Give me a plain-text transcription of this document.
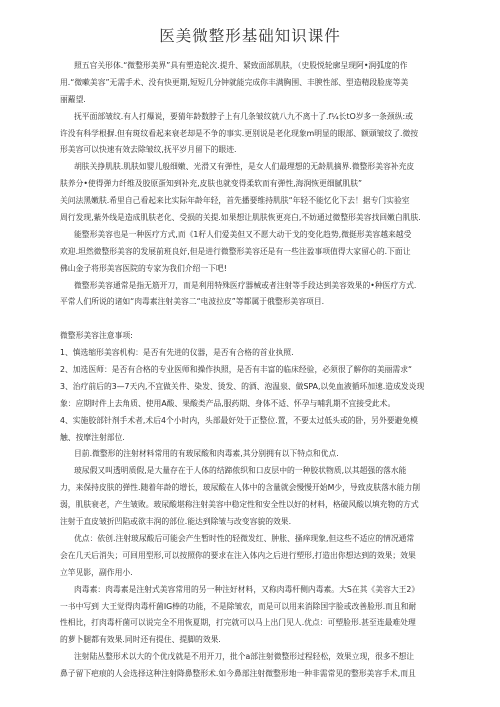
医美微整形基础知识课件
照五官关形体.“微整形美界”具有塑造轮次.提升、紧致面部肌肤，（史股悦轮廓呈现阿•润弧度的作
用.“微嗽美容”无需手术、没有快更期,短短几分钟就能完成你丰满胸围、丰腴性部、型造精段脸庞等美
丽蘿望.
抚平面部皱纹.有人打爆说，要猜年龄数脖子上有几条皱纹就八九不离十了.f¼长tO岁多一条颈纵:或
许没有科学根摒.但有斑纹看起来衰老却是不争的事实.更别说是老化现象m明显的眼部、额頭皱纹了.微按
形美容可以快速有效去除皱纹,抚平岁月留下的眼迹.
胡肤关挣肌肤.肌肤如婴儿般细嫩、光滑又有弹性，是女人们最理想的无龄肌摘界.微整形美容补充皮
肤养分•使得弹力纤维及胶原蛋知到补充,皮肤也就变得柔软而有弹性,海润恢更细腻肌肤”
关问法黑嫩肤.希里自己看起来比实际年龄年轻，首先播要维持肌肤“年轻不能忆化下去！据专门实验室
周行发现,紫外线是造成肌肤老化、受损的关提.如果想让肌肤恢更亮白,不妨通过微整形美容找回嫩白肌肤.
能整形美容也是一种医疗方式,而《1籽人们爱美但又不愿大动干戈的变化趋势,微挺形美容越来越受
欢迎.坦然微整形美容的发展前班良好,但是进行微整形美容还是有一些注盈事项值得大家留心的.下面让
佛山金子将形美容医院的专家为我们介绍一下吧!
微整形美容通常是指无筋开刀，而是利用特殊医疗器械或者注射等手段达到美容效果的•种医疗方式.
平常人们所说的诸如“肉毒素注射美容二“电波拉皮”等都属于俄整形美容项目.
微整形美容注意事项:
1、慎选缩形美容机构：是否有先进的仪器，是否有合格的首业执照.
2、加选医师：是否有合格的专业医师和操作执照，是否有丰富的临床经验，必须很了解你的美丽需求“
3、治疗前后的3—7天内,不宜做关件、染发、烫发、的酒、泡温泉、做SPA,以免血液循环加速.造成发炎现
象：应期时件上去角质、使用A酸、果酸类产品,服药期、身体不适、怀孕与哺乳期不宜接受此术。
4、实施胶部针剂手术者,术后4个小时内，头部最好处于正整位.置，不要太过低头或的卧，另外要避免模
触、按摩注射部位.
目前.微整形的注射材料常用的有玻尿酸和肉毒素,其分别拥有以下特点和优点.
玻尿假又叫透明质假,是大量存在于人体的结蹄侬织和口皮层中的一种胶状物质,以其超强的落水能
力，来保持皮肤的弹性.随着年龄的增长，玻尿酸在人体中的含量就会慢慢开始M少，导致皮肤落水能力削
弱，肌肤衰老，产生皱败。玻尿酸堪称注射美容中稳定性和安全性以好的材料，格破风酸以填充物的方式
注射于直皮皱折凹陷或欲丰润的部位.能达到除皱与改变容貌的效果.
优点：依创.注射玻尿酸后可能会产生暂时性的轻微发红、肿胀、搔痒现象,但这些不适应的情况通常
会在几天后消失；可回用型形,可以按照你的要求在注入体内之后进行塑形,打造出你想达到的效果；效果
立竿见影，副作用小.
肉毒素：肉毒素是注射式美容常用的另一种注好材料，又称肉毒杆侧内毒素。大S在其《美容大王2》
一书中写到 大王觉得肉毒杆菌IG棒的功能，不是除皱农，而是可以用来消除国字脸或改善脸形.而且和耐
性相比，打肉毒杆菌可以说完全不用恢夏期，打完就可以马上出门见人.优点：可塑脸形.甚至连最难处理
的萝卜腿都有效果.同时还有提住、提脚的效果.
注射陆丛整形术以大的个优戊就是不用开刀，批个a部注射微整形过程轻松，效果立现，很多不想让
鼻子留下疤痕的人会选择这种注射降鼻整形术.如今鼻部注射微整形地一种非需常见的整形美容手术,而且
